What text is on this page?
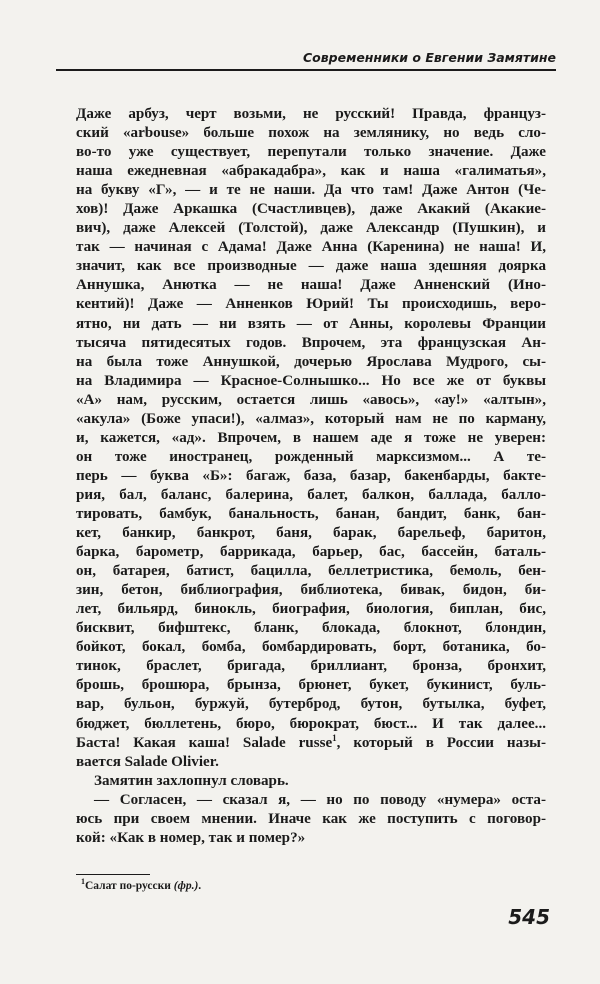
Современники о Евгении Замятине
Даже арбуз, черт возьми, не русский! Правда, француз-
ский «arbouse» больше похож на землянику, но ведь сло-
во-то уже существует, перепутали только значение. Даже
наша ежедневная «абракадабра», как и наша «галиматья»,
на букву «Г», — и те не наши. Да что там! Даже Антон (Че-
хов)! Даже Аркашка (Счастливцев), даже Акакий (Акакие-
вич), даже Алексей (Толстой), даже Александр (Пушкин), и
так — начиная с Адама! Даже Анна (Каренина) не наша! И,
значит, как все производные — даже наша здешняя доярка
Аннушка, Анютка — не наша! Даже Анненский (Ино-
кентий)! Даже — Анненков Юрий! Ты происходишь, веро-
ятно, ни дать — ни взять — от Анны, королевы Франции
тысяча пятидесятых годов. Впрочем, эта французская Ан-
на была тоже Аннушкой, дочерью Ярослава Мудрого, сы-
на Владимира — Красное-Солнышко... Но все же от буквы
«А» нам, русским, остается лишь «авось», «ау!» «алтын»,
«акула» (Боже упаси!), «алмаз», который нам не по карману,
и, кажется, «ад». Впрочем, в нашем аде я тоже не уверен:
он тоже иностранец, рожденный марксизмом... А те-
перь — буква «Б»: багаж, база, базар, бакенбарды, бакте-
рия, бал, баланс, балерина, балет, балкон, баллада, балло-
тировать, бамбук, банальность, банан, бандит, банк, бан-
кет, банкир, банкрот, баня, барак, барельеф, баритон,
барка, барометр, баррикада, барьер, бас, бассейн, баталь-
он, батарея, батист, бацилла, беллетристика, бемоль, бен-
зин, бетон, библиография, библиотека, бивак, бидон, би-
лет, бильярд, бинокль, биография, биология, биплан, бис,
бисквит, бифштекс, бланк, блокада, блокнот, блондин,
бойкот, бокал, бомба, бомбардировать, борт, ботаника, бо-
тинок, браслет, бригада, бриллиант, бронза, бронхит,
брошь, брошюра, брынза, брюнет, букет, букинист, буль-
вар, бульон, буржуй, бутерброд, бутон, бутылка, буфет,
бюджет, бюллетень, бюро, бюрократ, бюст... И так далее...
Баста! Какая каша! Salade russe$^1$, который в России назы-
вается Salade Olivier.
Замятин захлопнул словарь.
— Согласен, — сказал я, — но по поводу «нумера» оста-
юсь при своем мнении. Иначе как же поступить с поговор-
кой: «Как в номер, так и помер?»
$^1$Салат по-русски (фр.).
545
